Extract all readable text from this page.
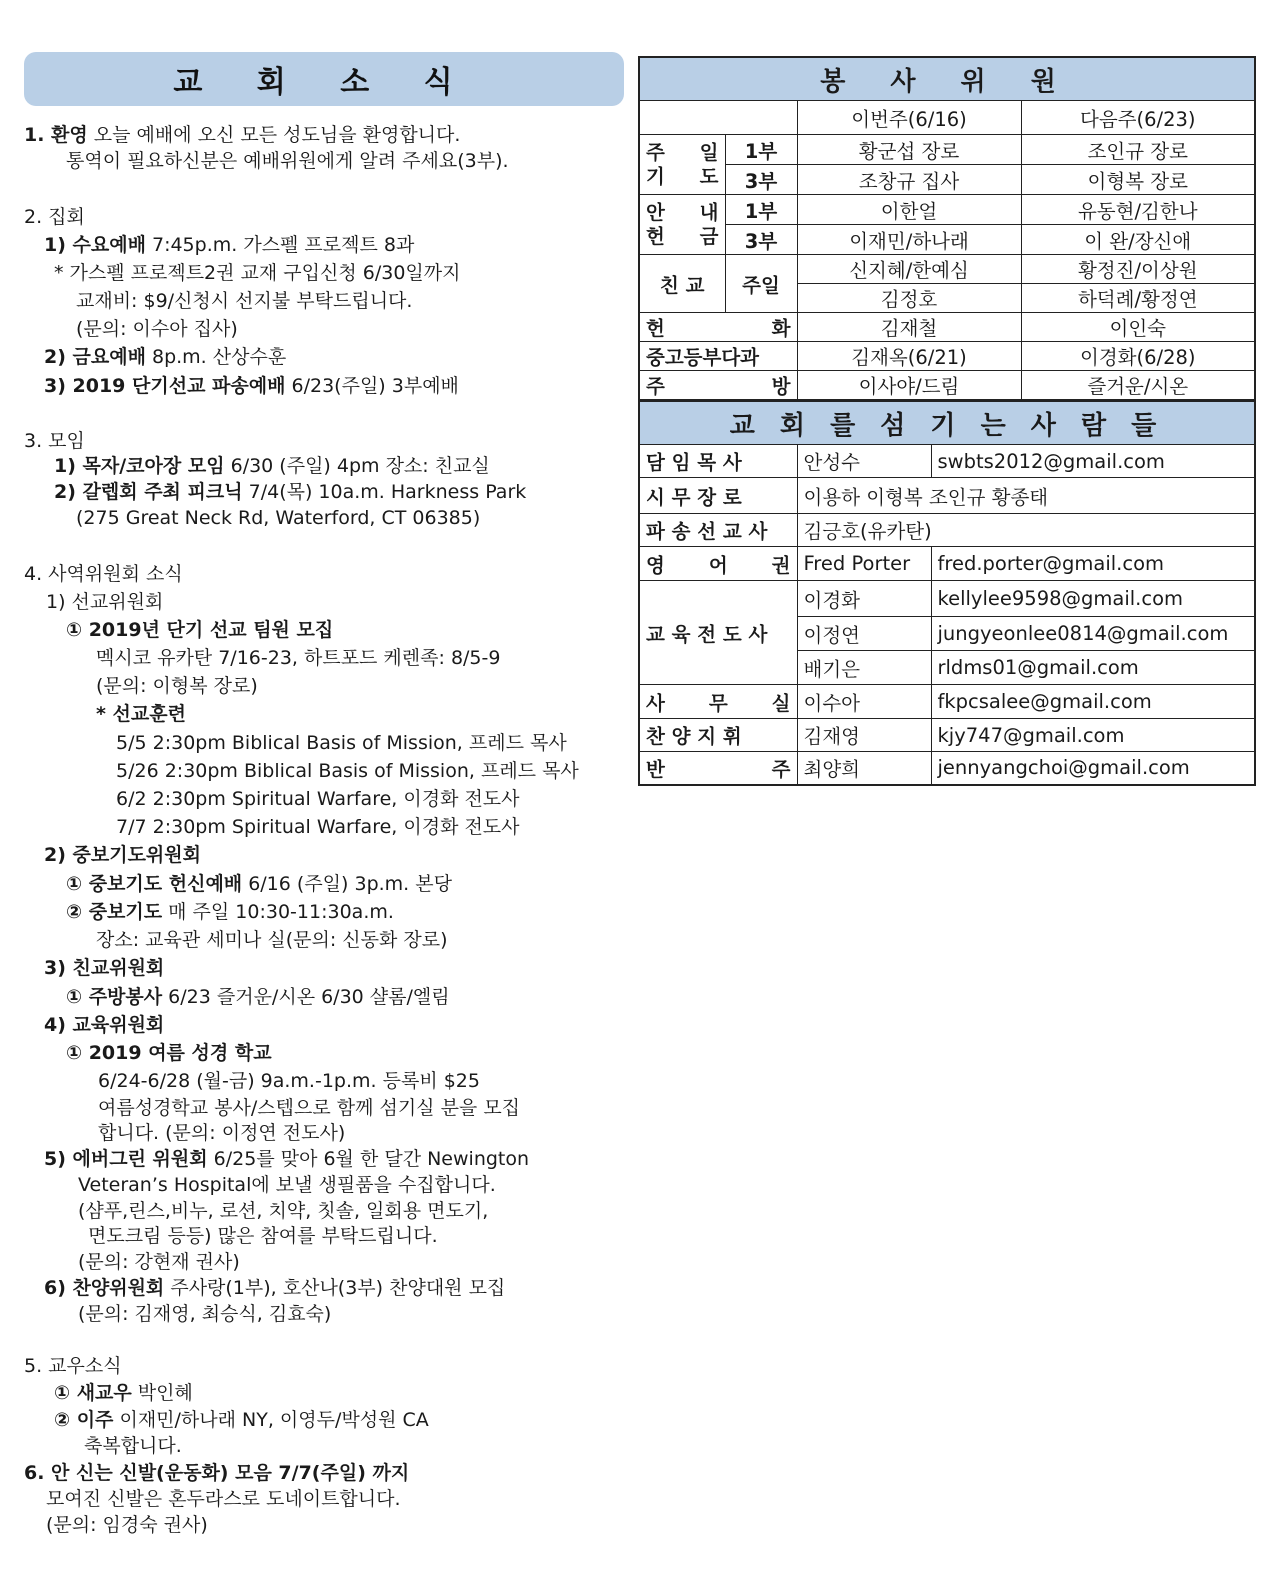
교 회 소 식
1. 환영 오늘 예배에 오신 모든 성도님을 환영합니다.
통역이 필요하신분은 예배위원에게 알려 주세요(3부).
2. 집회
1) 수요예배 7:45p.m. 가스펠 프로젝트 8과
* 가스펠 프로젝트2권 교재 구입신청 6/30일까지
교재비: $9/신청시 선지불 부탁드립니다.
(문의: 이수아 집사)
2) 금요예배 8p.m. 산상수훈
3) 2019 단기선교 파송예배 6/23(주일) 3부예배
3. 모임
1) 목자/코아장 모임 6/30 (주일) 4pm 장소: 친교실
2) 갈렙회 주최 피크닉 7/4(목) 10a.m. Harkness Park
(275 Great Neck Rd, Waterford, CT 06385)
4. 사역위원회 소식
1) 선교위원회
① 2019년 단기 선교 팀원 모집
멕시코 유카탄 7/16-23, 하트포드 케렌족: 8/5-9
(문의: 이형복 장로)
* 선교훈련
5/5 2:30pm Biblical Basis of Mission, 프레드 목사
5/26 2:30pm Biblical Basis of Mission, 프레드 목사
6/2 2:30pm Spiritual Warfare, 이경화 전도사
7/7 2:30pm Spiritual Warfare, 이경화 전도사
2) 중보기도위원회
① 중보기도 헌신예배 6/16 (주일) 3p.m. 본당
② 중보기도 매 주일 10:30-11:30a.m.
장소: 교육관 세미나 실(문의: 신동화 장로)
3) 친교위원회
① 주방봉사 6/23 즐거운/시온 6/30 샬롬/엘림
4) 교육위원회
① 2019 여름 성경 학교
6/24-6/28 (월-금) 9a.m.-1p.m. 등록비 $25
여름성경학교 봉사/스텝으로 함께 섬기실 분을 모집
합니다. (문의: 이정연 전도사)
5) 에버그린 위원회 6/25를 맞아 6월 한 달간 Newington
Veteran’s Hospital에 보낼 생필품을 수집합니다.
(샴푸,린스,비누, 로션, 치약, 칫솔, 일회용 면도기,
면도크림 등등) 많은 참여를 부탁드립니다.
(문의: 강현재 권사)
6) 찬양위원회 주사랑(1부), 호산나(3부) 찬양대원 모집
(문의: 김재영, 최승식, 김효숙)
5. 교우소식
① 새교우 박인혜
② 이주 이재민/하나래 NY, 이영두/박성원 CA
축복합니다.
6. 안 신는 신발(운동화) 모음 7/7(주일) 까지
모여진 신발은 혼두라스로 도네이트합니다.
(문의: 임경숙 권사)
봉 사 위 원			
		이번주(6/16)	다음주(6/23)

주 일
기 도	1부	황군섭 장로	조인규 장로
	3부	조창규 집사	이형복 장로

안 내
헌 금	1부	이한얼	유동현/김한나
	3부	이재민/하나래	이 완/장신애
친 교	주일	신지혜/한예심	황정진/이상원
		김정호	하덕례/황정연

헌 화		김재철	이인숙
중고등부다과		김재옥(6/21)	이경화(6/28)

주 방		이사야/드림	즐거운/시온
교 회 를 섬 기 는 사 람 들		
담 임 목 사	안성수	swbts2012@gmail.com
시 무 장 로	이용하 이형복 조인규 황종태	
파 송 선 교 사	김긍호(유카탄)	

영 어 권	Fred Porter	fred.porter@gmail.com
교 육 전 도 사	이경화	kellylee9598@gmail.com
	이정연	jungyeonlee0814@gmail.com
	배기은	rldms01@gmail.com

사 무 실	이수아	fkpcsalee@gmail.com
찬 양 지 휘	김재영	kjy747@gmail.com

반 주	최양희	jennyangchoi@gmail.com
